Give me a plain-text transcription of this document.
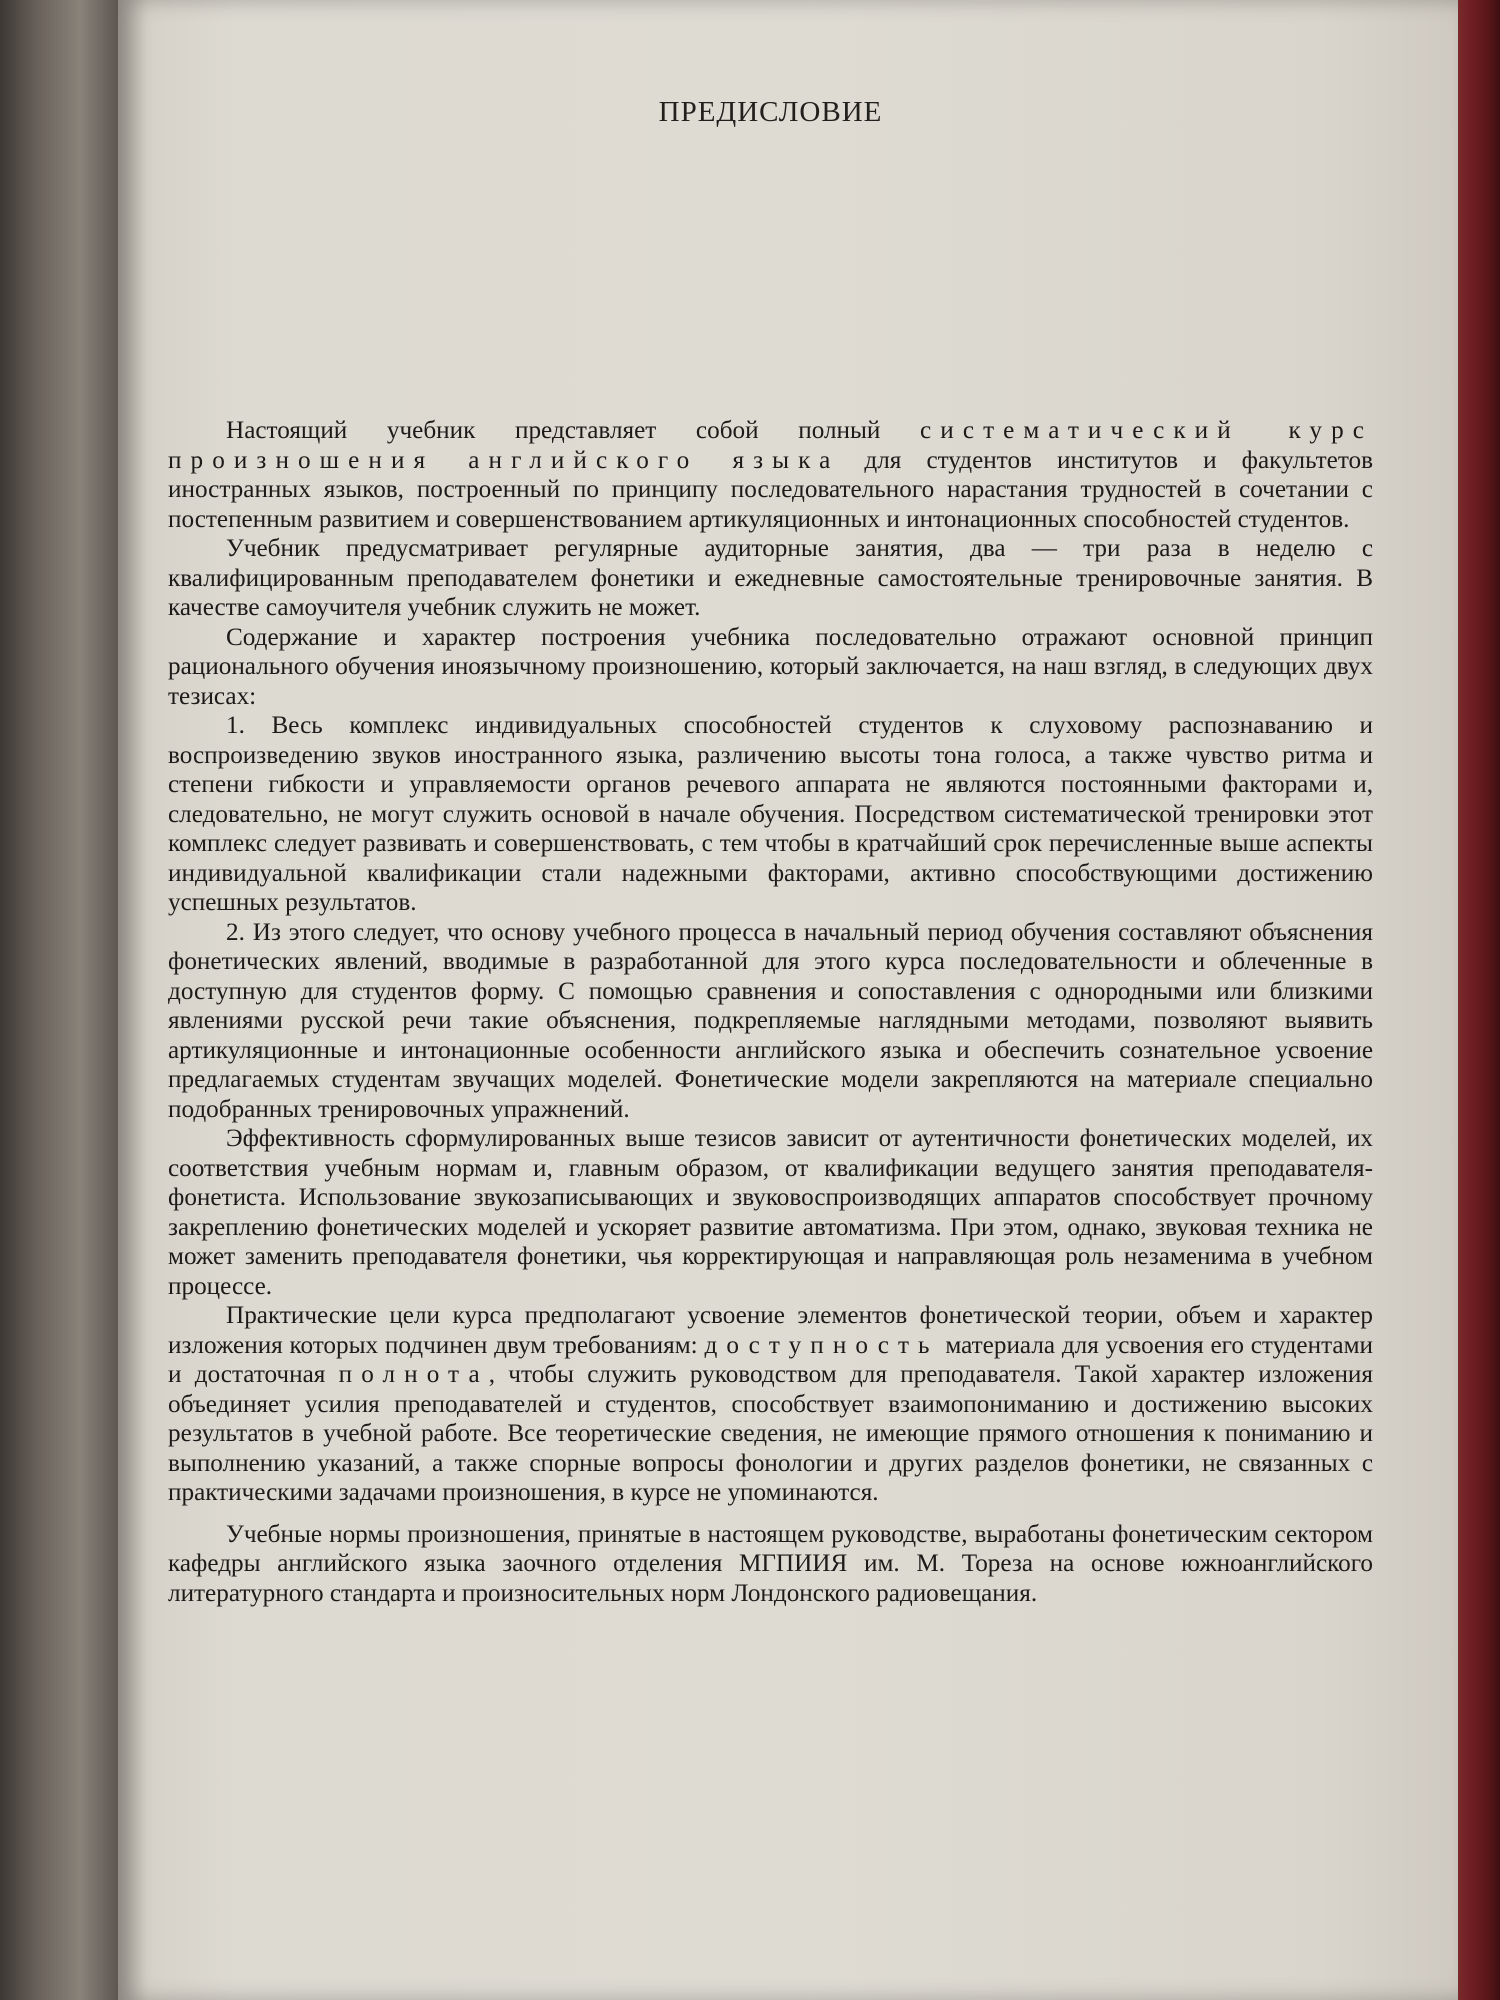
ПРЕДИСЛОВИЕ

Настоящий учебник представляет собой полный систематический курс произношения английского языка для студентов институтов и факультетов иностранных языков, построенный по принципу последовательного нарастания трудностей в сочетании с постепенным развитием и совершенствованием артикуляционных и интонационных способностей студентов.

Учебник предусматривает регулярные аудиторные занятия, два — три раза в неделю с квалифицированным преподавателем фонетики и ежедневные самостоятельные тренировочные занятия. В качестве самоучителя учебник служить не может.

Содержание и характер построения учебника последовательно отражают основной принцип рационального обучения иноязычному произношению, который заключается, на наш взгляд, в следующих двух тезисах:

1. Весь комплекс индивидуальных способностей студентов к слуховому распознаванию и воспроизведению звуков иностранного языка, различению высоты тона голоса, а также чувство ритма и степени гибкости и управляемости органов речевого аппарата не являются постоянными факторами и, следовательно, не могут служить основой в начале обучения. Посредством систематической тренировки этот комплекс следует развивать и совершенствовать, с тем чтобы в кратчайший срок перечисленные выше аспекты индивидуальной квалификации стали надежными факторами, активно способствующими достижению успешных результатов.

2. Из этого следует, что основу учебного процесса в начальный период обучения составляют объяснения фонетических явлений, вводимые в разработанной для этого курса последовательности и облеченные в доступную для студентов форму. С помощью сравнения и сопоставления с однородными или близкими явлениями русской речи такие объяснения, подкрепляемые наглядными методами, позволяют выявить артикуляционные и интонационные особенности английского языка и обеспечить сознательное усвоение предлагаемых студентам звучащих моделей. Фонетические модели закрепляются на материале специально подобранных тренировочных упражнений.

Эффективность сформулированных выше тезисов зависит от аутентичности фонетических моделей, их соответствия учебным нормам и, главным образом, от квалификации ведущего занятия преподавателя-фонетиста. Использование звукозаписывающих и звуковоспроизводящих аппаратов способствует прочному закреплению фонетических моделей и ускоряет развитие автоматизма. При этом, однако, звуковая техника не может заменить преподавателя фонетики, чья корректирующая и направляющая роль незаменима в учебном процессе.

Практические цели курса предполагают усвоение элементов фонетической теории, объем и характер изложения которых подчинен двум требованиям: доступность материала для усвоения его студентами и достаточная полнота, чтобы служить руководством для преподавателя. Такой характер изложения объединяет усилия преподавателей и студентов, способствует взаимопониманию и достижению высоких результатов в учебной работе. Все теоретические сведения, не имеющие прямого отношения к пониманию и выполнению указаний, а также спорные вопросы фонологии и других разделов фонетики, не связанных с практическими задачами произношения, в курсе не упоминаются.

Учебные нормы произношения, принятые в настоящем руководстве, выработаны фонетическим сектором кафедры английского языка заочного отделения МГПИИЯ им. М. Тореза на основе южноанглийского литературного стандарта и произносительных норм Лондонского радиовещания.
